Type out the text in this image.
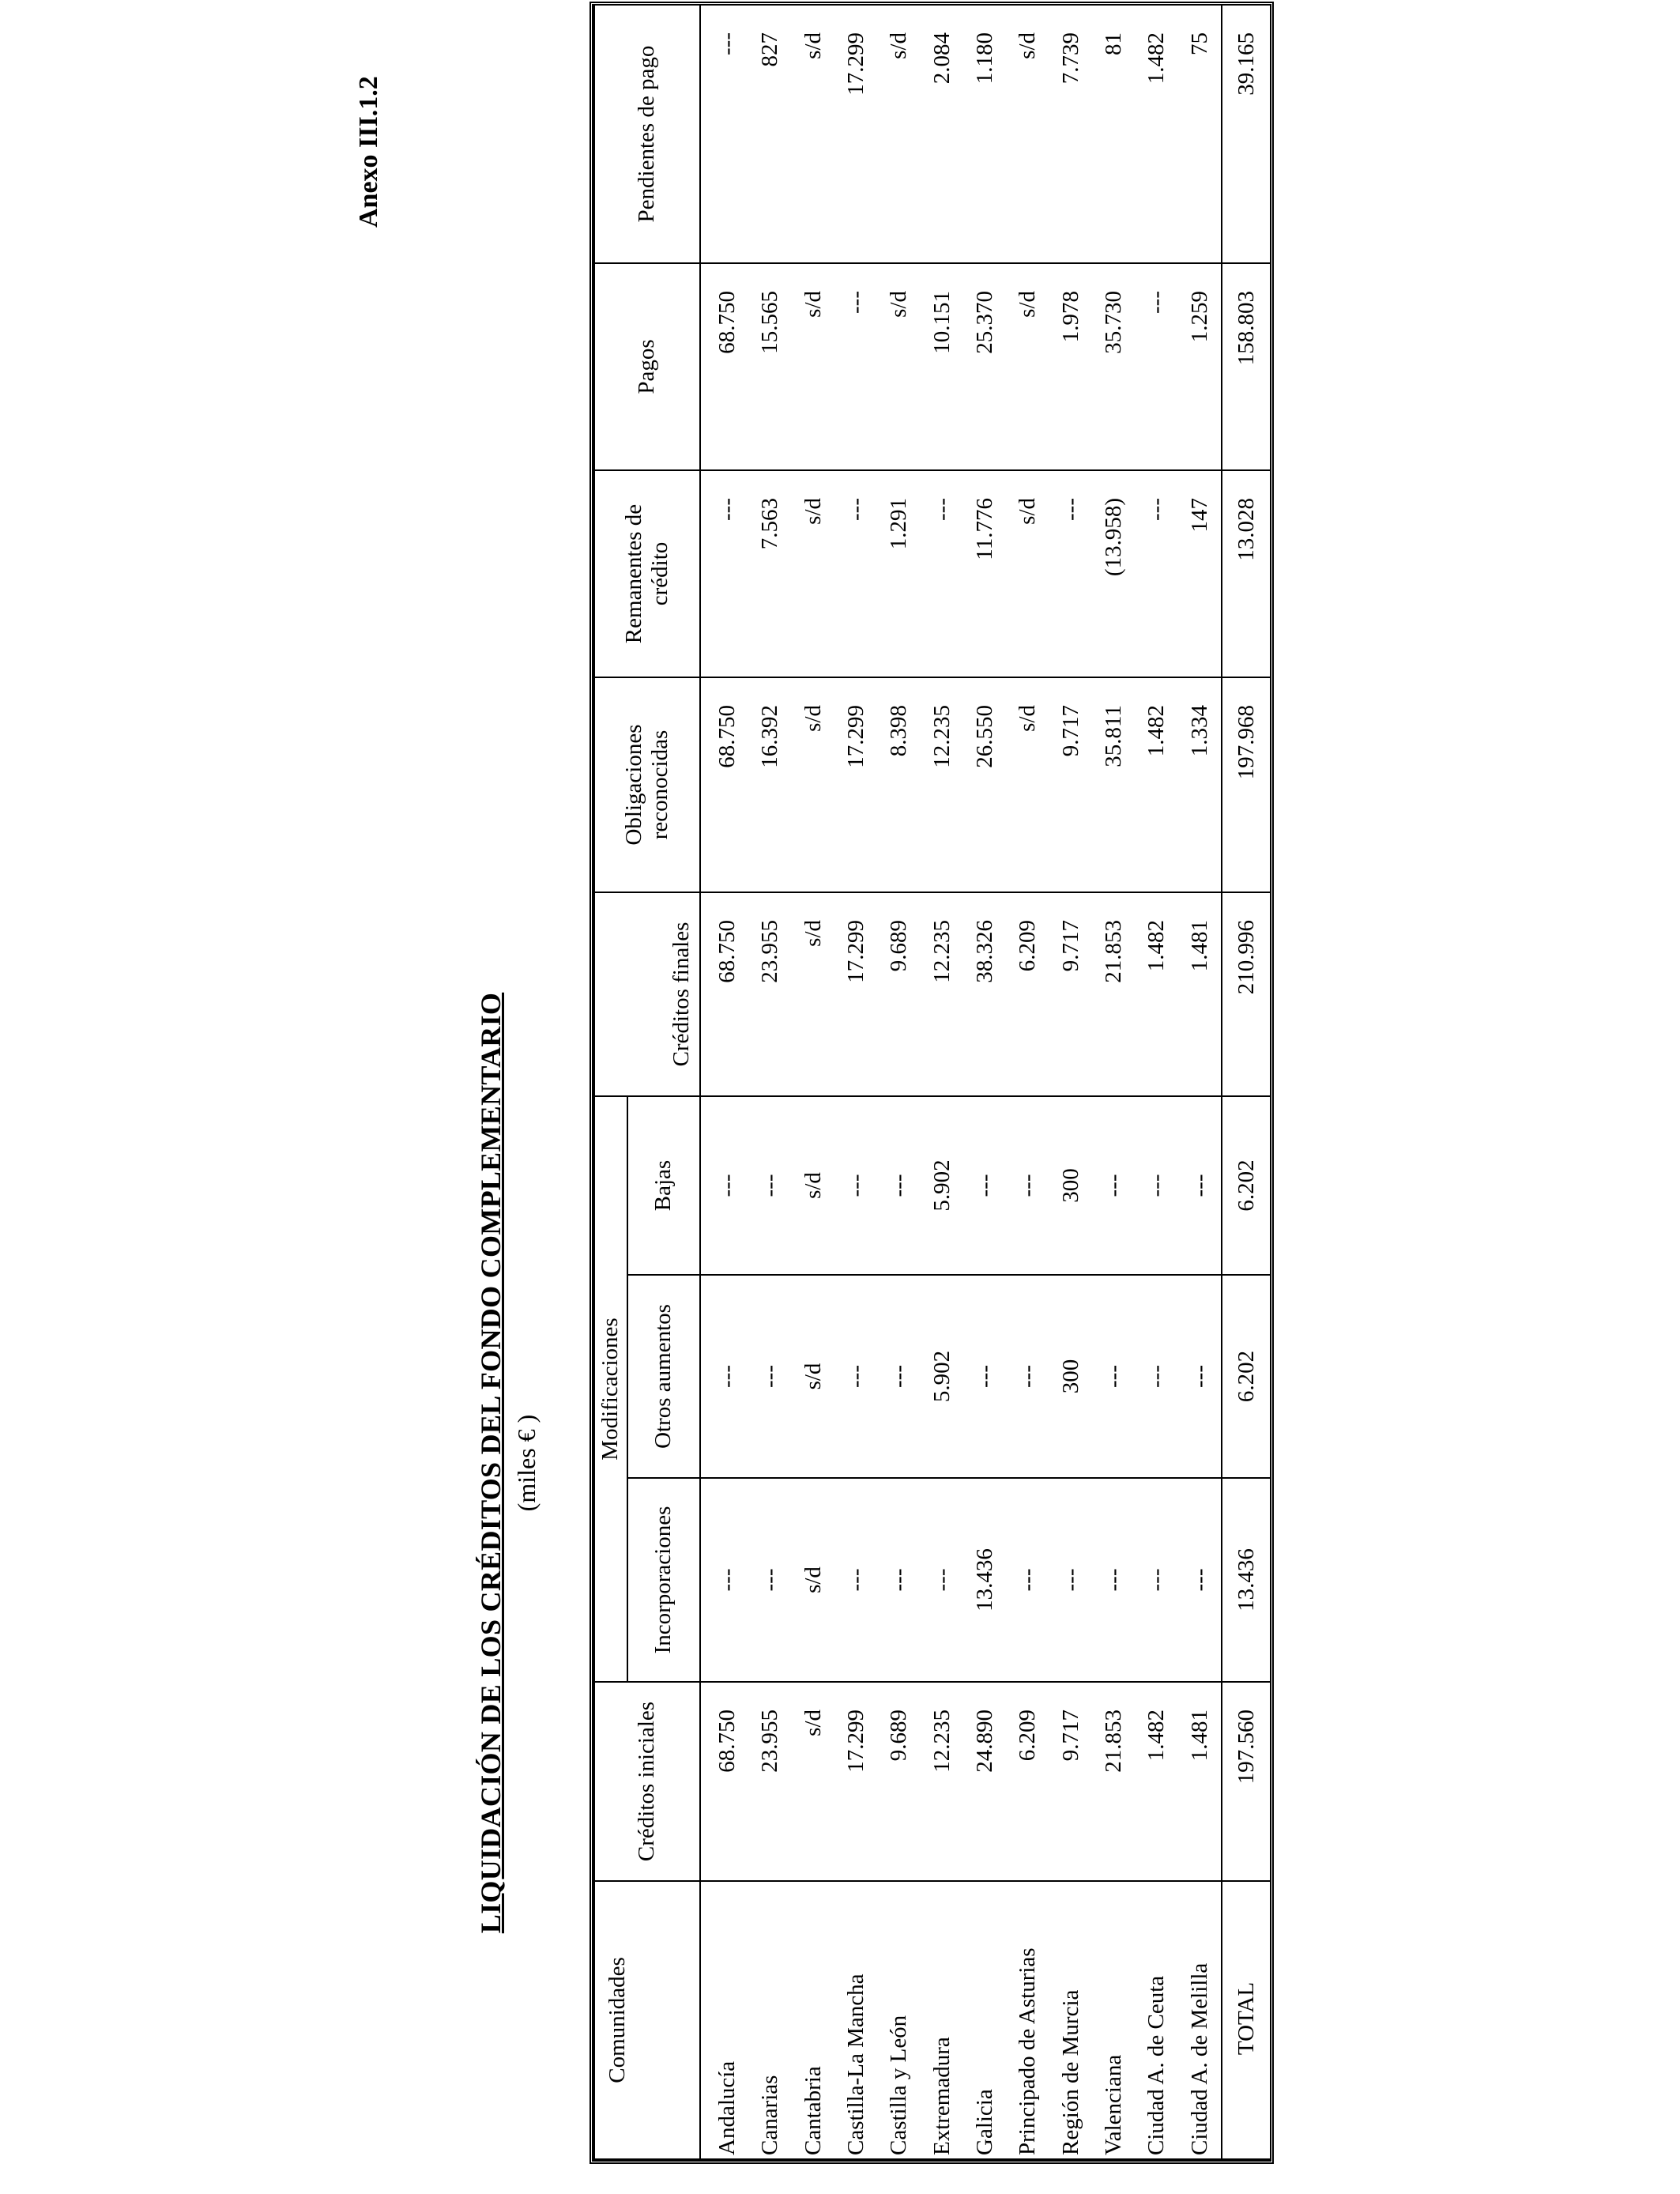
Anexo III.1.2
LIQUIDACIÓN DE LOS CRÉDITOS DEL FONDO COMPLEMENTARIO (miles € )
Comunidades	Créditos iniciales	Modificaciones			Créditos finales	Obligaciones reconocidas	Remanentes de crédito	Pagos	Pendientes de pago
		Incorporaciones	Otros aumentos	Bajas					
Andalucía	68.750	---	---	---	68.750	68.750	---	68.750	---
Canarias	23.955	---	---	---	23.955	16.392	7.563	15.565	827
Cantabria	s/d	s/d	s/d	s/d	s/d	s/d	s/d	s/d	s/d
Castilla-La Mancha	17.299	---	---	---	17.299	17.299	---	---	17.299
Castilla y León	9.689	---	---	---	9.689	8.398	1.291	s/d	s/d
Extremadura	12.235	---	5.902	5.902	12.235	12.235	---	10.151	2.084
Galicia	24.890	13.436	---	---	38.326	26.550	11.776	25.370	1.180
Principado de Asturias	6.209	---	---	---	6.209	s/d	s/d	s/d	s/d
Región de Murcia	9.717	---	300	300	9.717	9.717	---	1.978	7.739
Valenciana	21.853	---	---	---	21.853	35.811	(13.958)	35.730	81
Ciudad A. de Ceuta	1.482	---	---	---	1.482	1.482	---	---	1.482
Ciudad A. de Melilla	1.481	---	---	---	1.481	1.334	147	1.259	75
TOTAL	197.560	13.436	6.202	6.202	210.996	197.968	13.028	158.803	39.165
